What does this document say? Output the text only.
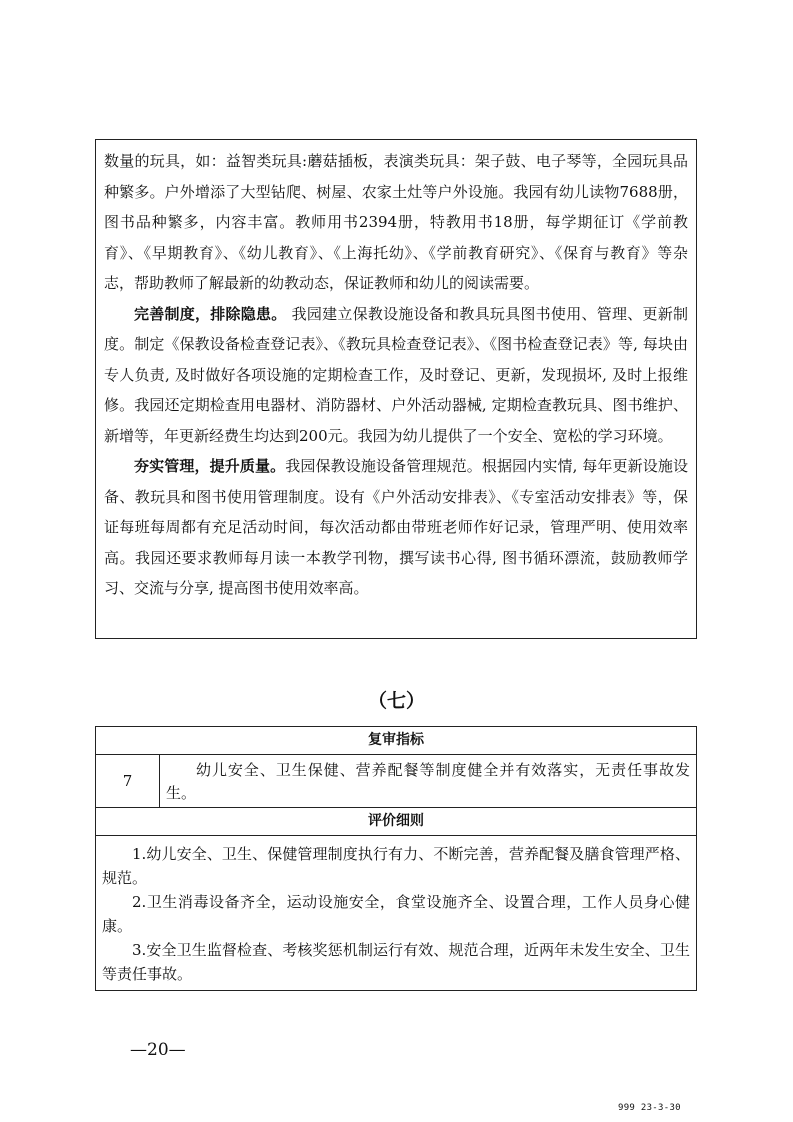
数量的玩具，如：益智类玩具:蘑菇插板，表演类玩具：架子鼓、电子琴等，全园玩具品种繁多。户外增添了大型钻爬、树屋、农家土灶等户外设施。我园有幼儿读物7688册，图书品种繁多，内容丰富。教师用书2394册，特教用书18册，每学期征订《学前教育》、《早期教育》、《幼儿教育》、《上海托幼》、《学前教育研究》、《保育与教育》等杂志，帮助教师了解最新的幼教动态，保证教师和幼儿的阅读需要。

完善制度，排除隐患。 我园建立保教设施设备和教具玩具图书使用、管理、更新制度。制定《保教设备检查登记表》、《教玩具检查登记表》、《图书检查登记表》等, 每块由专人负责, 及时做好各项设施的定期检查工作，及时登记、更新，发现损坏, 及时上报维修。我园还定期检查用电器材、消防器材、户外活动器械, 定期检查教玩具、图书维护、新增等，年更新经费生均达到200元。我园为幼儿提供了一个安全、宽松的学习环境。

夯实管理，提升质量。我园保教设施设备管理规范。根据园内实情, 每年更新设施设备、教玩具和图书使用管理制度。设有《户外活动安排表》、《专室活动安排表》等，保证每班每周都有充足活动时间，每次活动都由带班老师作好记录，管理严明、使用效率高。我园还要求教师每月读一本教学刊物，撰写读书心得, 图书循环漂流，鼓励教师学习、交流与分享, 提高图书使用效率高。

（七）
复审指标
7
幼儿安全、卫生保健、营养配餐等制度健全并有效落实，无责任事故发生。
评价细则

1.幼儿安全、卫生、保健管理制度执行有力、不断完善，营养配餐及膳食管理严格、规范。

2.卫生消毒设备齐全，运动设施安全，食堂设施齐全、设置合理，工作人员身心健康。

3.安全卫生监督检查、考核奖惩机制运行有效、规范合理，近两年未发生安全、卫生等责任事故。

—20—
999 23-3-30
